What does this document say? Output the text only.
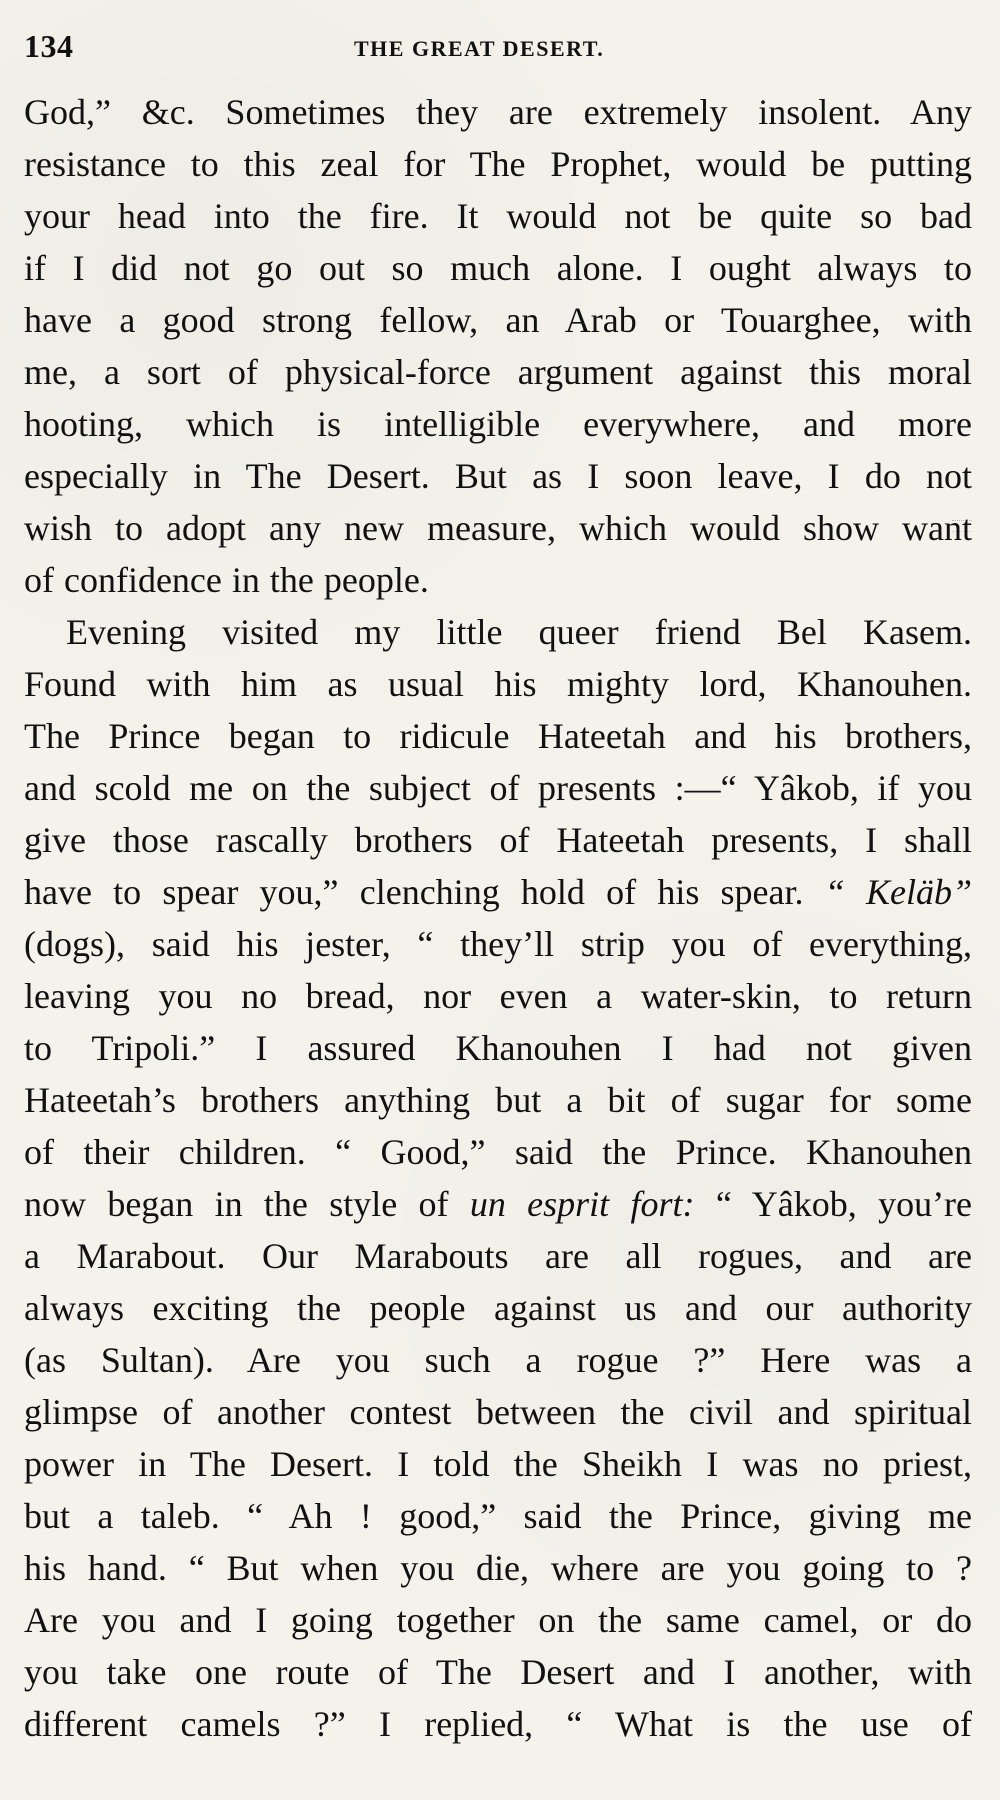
134	THE GREAT DESERT.
God,” &c. Sometimes they are extremely insolent. Any
resistance to this zeal for The Prophet, would be putting
your head into the fire. It would not be quite so bad
if I did not go out so much alone. I ought always to
have a good strong fellow, an Arab or Touarghee, with
me, a sort of physical-force argument against this moral
hooting, which is intelligible everywhere, and more
especially in The Desert. But as I soon leave, I do not
wish to adopt any new measure, which would show want
of confidence in the people.
Evening visited my little queer friend Bel Kasem.
Found with him as usual his mighty lord, Khanouhen.
The Prince began to ridicule Hateetah and his brothers,
and scold me on the subject of presents :—“ Yâkob, if you
give those rascally brothers of Hateetah presents, I shall
have to spear you,” clenching hold of his spear. “ Keläb”
(dogs), said his jester, “ they’ll strip you of everything,
leaving you no bread, nor even a water-skin, to return
to Tripoli.” I assured Khanouhen I had not given
Hateetah’s brothers anything but a bit of sugar for some
of their children. “ Good,” said the Prince. Khanouhen
now began in the style of un esprit fort: “ Yâkob, you’re
a Marabout. Our Marabouts are all rogues, and are
always exciting the people against us and our authority
(as Sultan). Are you such a rogue ?” Here was a
glimpse of another contest between the civil and spiritual
power in The Desert. I told the Sheikh I was no priest,
but a taleb. “ Ah ! good,” said the Prince, giving me
his hand. “ But when you die, where are you going to ?
Are you and I going together on the same camel, or do
you take one route of The Desert and I another, with
different camels ?” I replied, “ What is the use of
